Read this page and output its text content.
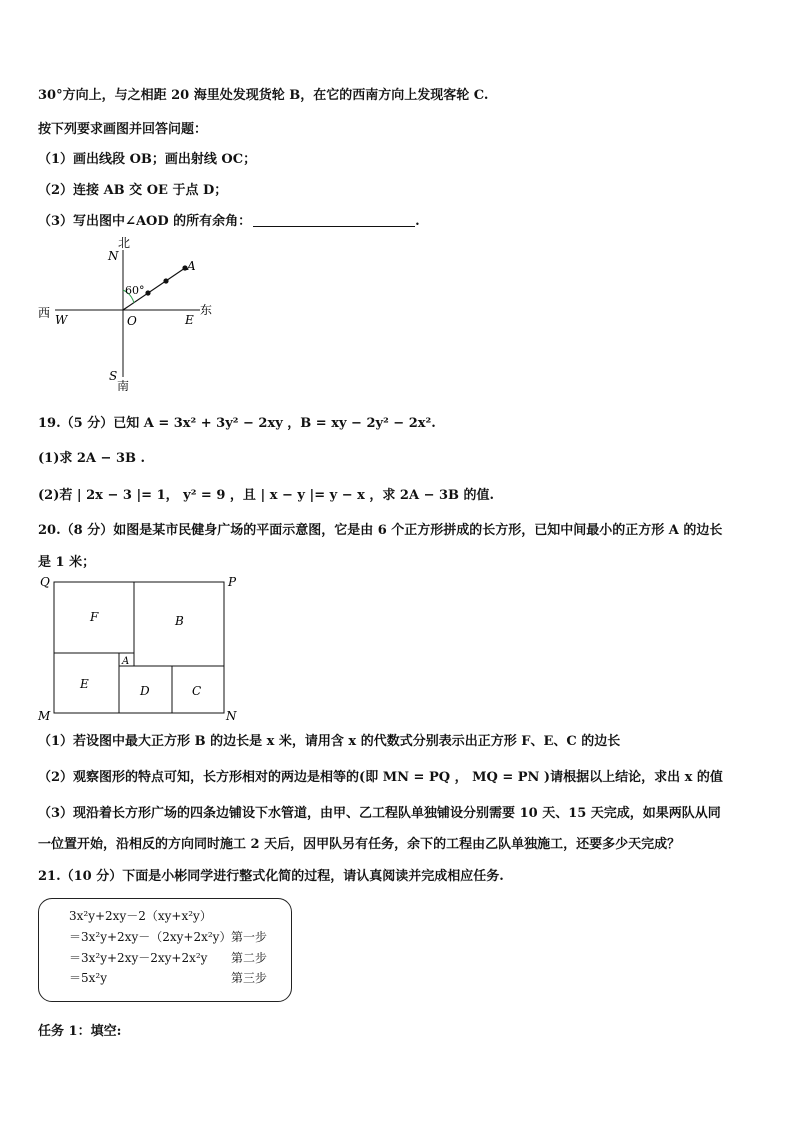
30°方向上，与之相距 20 海里处发现货轮 B，在它的西南方向上发现客轮 C.
按下列要求画图并回答问题：
（1）画出线段 OB；画出射线 OC；
（2）连接 AB 交 OE 于点 D；
（3）写出图中∠AOD 的所有余角：	.
北
N
A
60°
东
E
西 W	O
S
南
19.（5 分）已知 A = 3x² + 3y² − 2xy ，B = xy − 2y² − 2x².
(1)求 2A − 3B .
(2)若 | 2x − 3 |= 1， y² = 9 ，且 | x − y |= y − x ，求 2A − 3B 的值.
20.（8 分）如图是某市民健身广场的平面示意图，它是由 6 个正方形拼成的长方形，已知中间最小的正方形 A 的边长
是 1 米；
Q	P
M	N
F	B
A
E	D	C
（1）若设图中最大正方形 B 的边长是 x 米，请用含 x 的代数式分别表示出正方形 F、E、C 的边长
（2）观察图形的特点可知，长方形相对的两边是相等的(即 MN = PQ ， MQ = PN )请根据以上结论，求出 x 的值
（3）现沿着长方形广场的四条边铺设下水管道，由甲、乙工程队单独铺设分别需要 10 天、15 天完成，如果两队从同
一位置开始，沿相反的方向同时施工 2 天后，因甲队另有任务，余下的工程由乙队单独施工，还要多少天完成？
21.（10 分）下面是小彬同学进行整式化简的过程，请认真阅读并完成相应任务.
3x²y+2xy－2（xy+x²y）
＝3x²y+2xy－（2xy+2x²y） 第一步
＝3x²y+2xy－2xy+2x²y 第二步
＝5x²y	第三步
任务 1：填空:
